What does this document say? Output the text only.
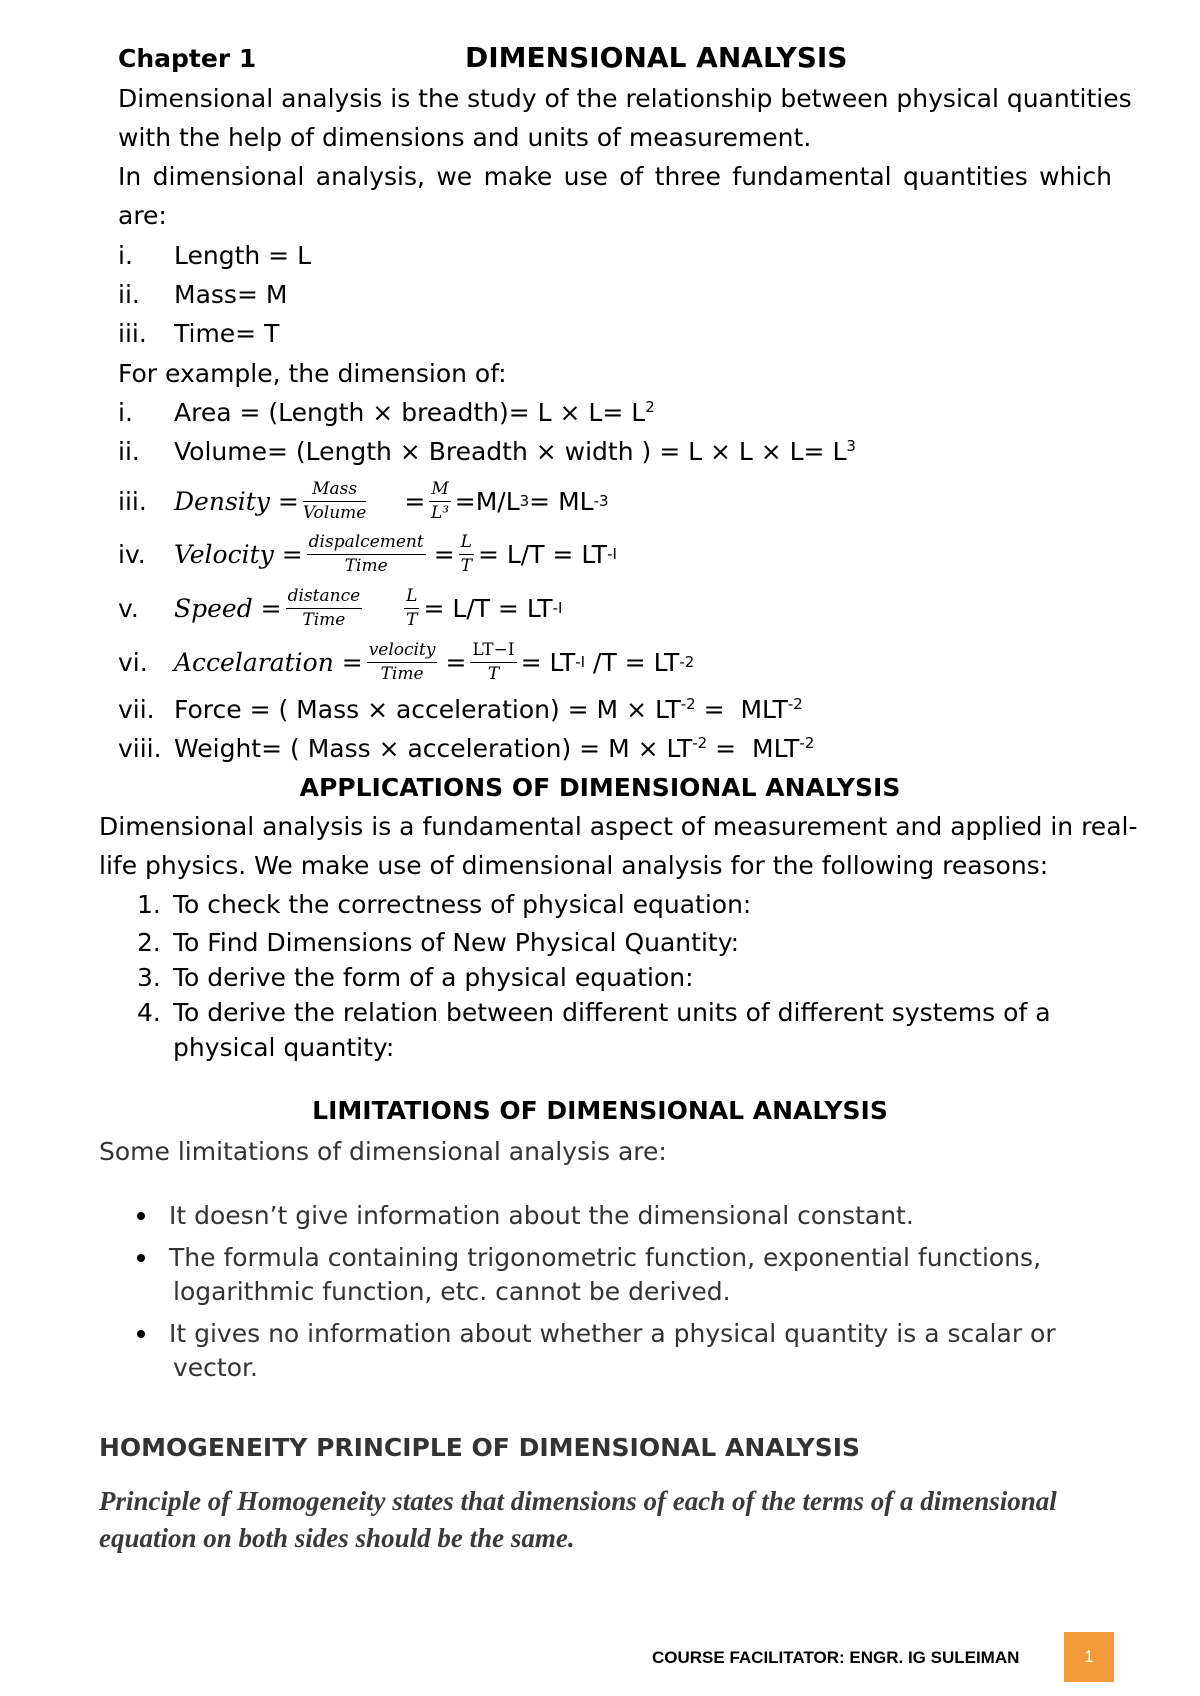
Chapter 1	DIMENSIONAL ANALYSIS
Dimensional analysis is the study of the relationship between physical quantities
with the help of dimensions and units of measurement.
In dimensional analysis, we make use of three fundamental quantities which
are:
i. Length = L
ii. Mass= M
iii. Time= T
For example, the dimension of:
i. Area = (Length × breadth)= $L \times L= L^2$
ii. Volume= (Length × Breadth × width ) = $L \times L \times L= L^3$
iii.	Density = $\frac{\text{Mass}}{\text{Volume}} = \frac{M}{\text{L³}} =M/L$ 3 = ML -3
iv.	Velocity = $\frac{\text{dispalcement}}{\text{Time}} = \frac{L}{T} = L/T$ = LT -I
v.	Speed = $\frac{\text{distance}}{\text{Time}} \frac{L}{T} = L/T$ = LT -I
vi.	Accelaration = $\frac{\text{velocity}}{\text{Time}} = \frac{LT-I}{T}$ = LT -I /T = LT -2
vii. Force = ( Mass × acceleration) = $M \times LT^{-2} = MLT^{-2}$
viii. Weight= ( Mass × acceleration) = $M \times LT^{-2} = MLT^{-2}$
APPLICATIONS OF DIMENSIONAL ANALYSIS
Dimensional analysis is a fundamental aspect of measurement and applied in real-
life physics. We make use of dimensional analysis for the following reasons:
1. To check the correctness of physical equation:
2. To Find Dimensions of New Physical Quantity:
3. To derive the form of a physical equation:
4. To derive the relation between different units of different systems of a
physical quantity:
LIMITATIONS OF DIMENSIONAL ANALYSIS
Some limitations of dimensional analysis are:
It doesn’t give information about the dimensional constant.
The formula containing trigonometric function, exponential functions,
logarithmic function, etc. cannot be derived.
It gives no information about whether a physical quantity is a scalar or
vector.
HOMOGENEITY PRINCIPLE OF DIMENSIONAL ANALYSIS
Principle of Homogeneity states that dimensions of each of the terms of a dimensional
equation on both sides should be the same.
COURSE FACILITATOR: ENGR. IG SULEIMAN	1
